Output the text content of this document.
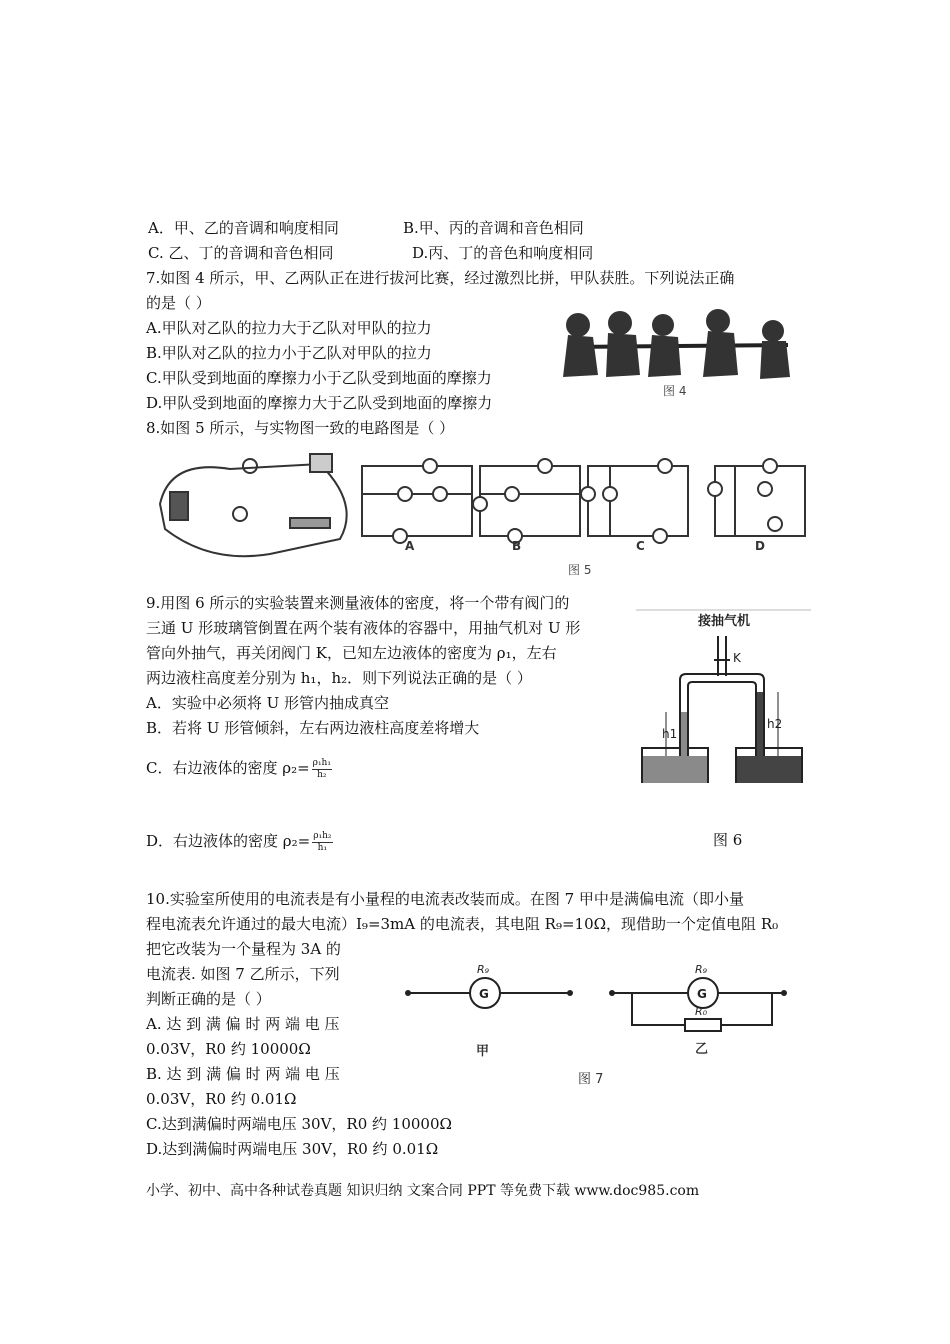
A．甲、乙的音调和响度相同	B.甲、丙的音调和音色相同
C. 乙、丁的音调和音色相同	D.丙、丁的音色和响度相同
7.如图 4 所示，甲、乙两队正在进行拔河比赛，经过激烈比拼，甲队获胜。下列说法正确
的是（ ）
A.甲队对乙队的拉力大于乙队对甲队的拉力
B.甲队对乙队的拉力小于乙队对甲队的拉力
C.甲队受到地面的摩擦力小于乙队受到地面的摩擦力
D.甲队受到地面的摩擦力大于乙队受到地面的摩擦力
图 4
8.如图 5 所示，与实物图一致的电路图是（ ）
A	B	C	D
图 5
9.用图 6 所示的实验装置来测量液体的密度，将一个带有阀门的
三通 U 形玻璃管倒置在两个装有液体的容器中，用抽气机对 U 形
管向外抽气，再关闭阀门 K，已知左边液体的密度为 ρ₁，左右
两边液柱高度差分别为 h₁，h₂．则下列说法正确的是（ ）
A．实验中必须将 U 形管内抽成真空
B．若将 U 形管倾斜，左右两边液柱高度差将增大
C．右边液体的密度 $\rho_2= \frac{\text{ρ₁h₁}}{\text{h₂}}$
D．右边液体的密度 $\rho_2= \frac{\text{ρ₁h₂}}{\text{h₁}}$
接抽气机
K
h1
h2
图 6
10.实验室所使用的电流表是有小量程的电流表改装而成。在图 7 甲中是满偏电流（即小量
程电流表允许通过的最大电流）I₉=3mA 的电流表，其电阻 R₉=10Ω，现借助一个定值电阻 R₀
把它改装为一个量程为 3A 的
电流表. 如图 7 乙所示，下列
判断正确的是（ ）
A. 达 到 满 偏 时 两 端 电 压
0.03V，R0 约 10000Ω
B. 达 到 满 偏 时 两 端 电 压
0.03V，R0 约 0.01Ω
C.达到满偏时两端电压 30V，R0 约 10000Ω
D.达到满偏时两端电压 30V，R0 约 0.01Ω
G	G
R₉	R₉
R₀
甲	乙
图 7
小学、初中、高中各种试卷真题 知识归纳 文案合同 PPT 等免费下载 www.doc985.com
